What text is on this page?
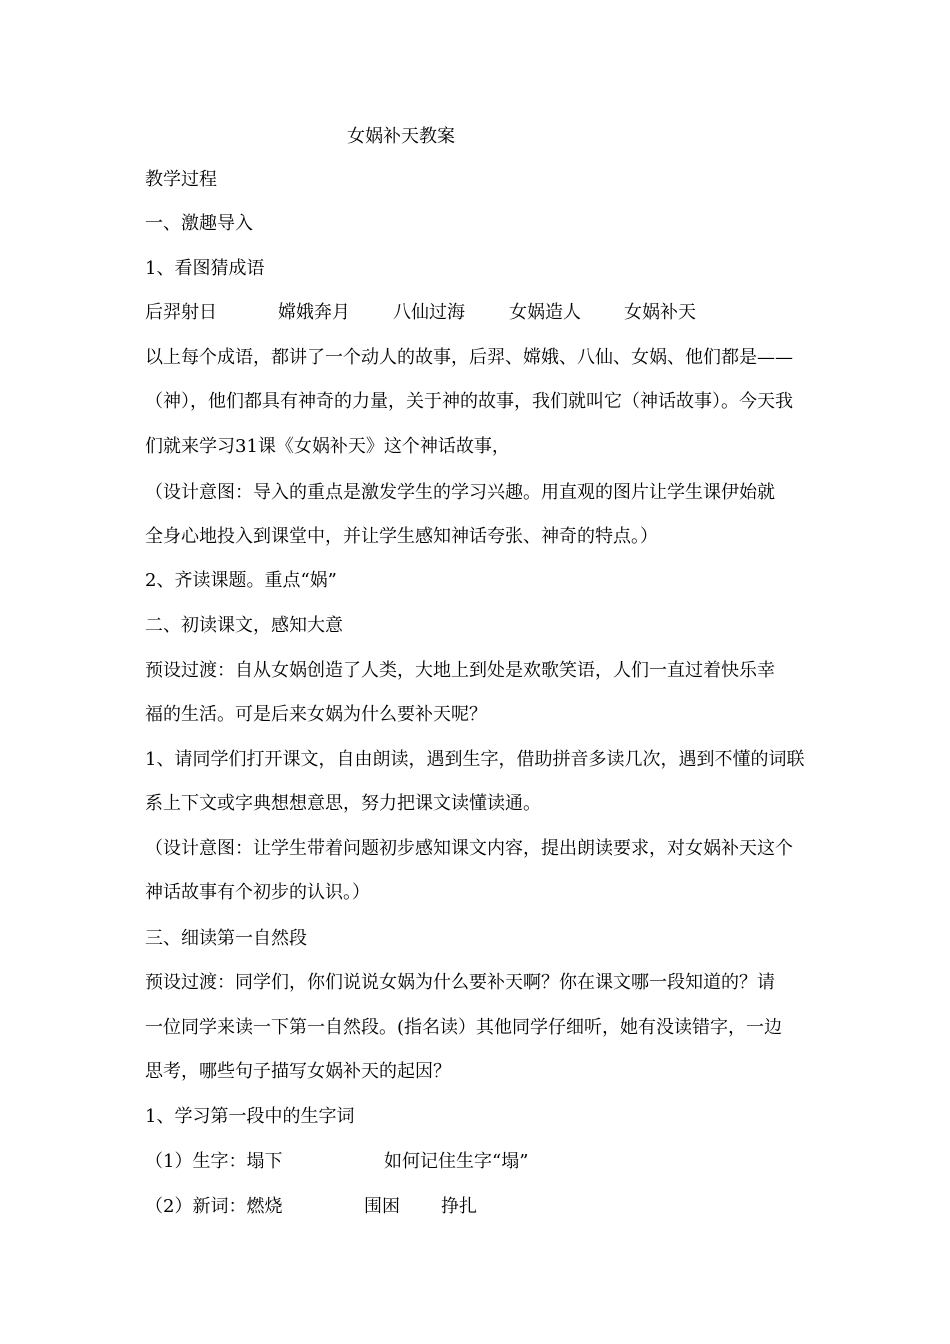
女娲补天教案

教学过程

一、激趣导入

1、看图猜成语

后羿射日	嫦娥奔月	八仙过海	女娲造人	女娲补天

以上每个成语，都讲了一个动人的故事，后羿、嫦娥、八仙、女娲、他们都是——

（神），他们都具有神奇的力量，关于神的故事，我们就叫它（神话故事）。今天我

们就来学习31课《女娲补天》这个神话故事，

（设计意图：导入的重点是激发学生的学习兴趣。用直观的图片让学生课伊始就

全身心地投入到课堂中，并让学生感知神话夸张、神奇的特点。）

2、齐读课题。重点“娲”

二、初读课文，感知大意

预设过渡：自从女娲创造了人类，大地上到处是欢歌笑语，人们一直过着快乐幸

福的生活。可是后来女娲为什么要补天呢？

1、请同学们打开课文，自由朗读，遇到生字，借助拼音多读几次，遇到不懂的词联

系上下文或字典想想意思，努力把课文读懂读通。

（设计意图：让学生带着问题初步感知课文内容，提出朗读要求，对女娲补天这个

神话故事有个初步的认识。）

三、细读第一自然段

预设过渡：同学们，你们说说女娲为什么要补天啊？你在课文哪一段知道的？请

一位同学来读一下第一自然段。(指名读）其他同学仔细听，她有没读错字，一边

思考，哪些句子描写女娲补天的起因？

1、学习第一段中的生字词

（1）生字：塌下	如何记住生字“塌”
（2）新词：燃烧	围困	挣扎
